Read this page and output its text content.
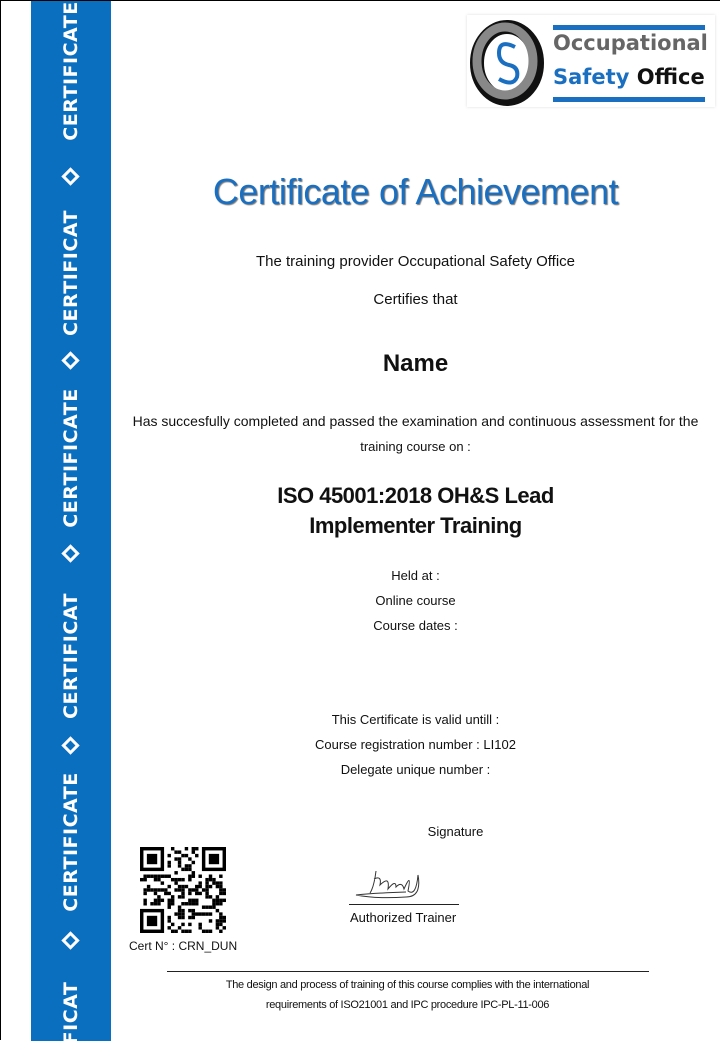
CERTIFICATE
CERTIFICAT
CERTIFICATE
CERTIFICAT
CERTIFICATE
FICAT
Occupational
Safety Office
Certificate of Achievement
The training provider Occupational Safety Office
Certifies that
Name
Has succesfully completed and passed the examination and continuous assessment for the
training course on :
ISO 45001:2018 OH&S Lead
Implementer Training
Held at :
Online course
Course dates :
This Certificate is valid untill :
Course registration number : LI102
Delegate unique number :
Signature
Authorized Trainer
Cert N° : CRN_DUN
The design and process of training of this course complies with the international
requirements of ISO21001 and IPC procedure IPC-PL-11-006
